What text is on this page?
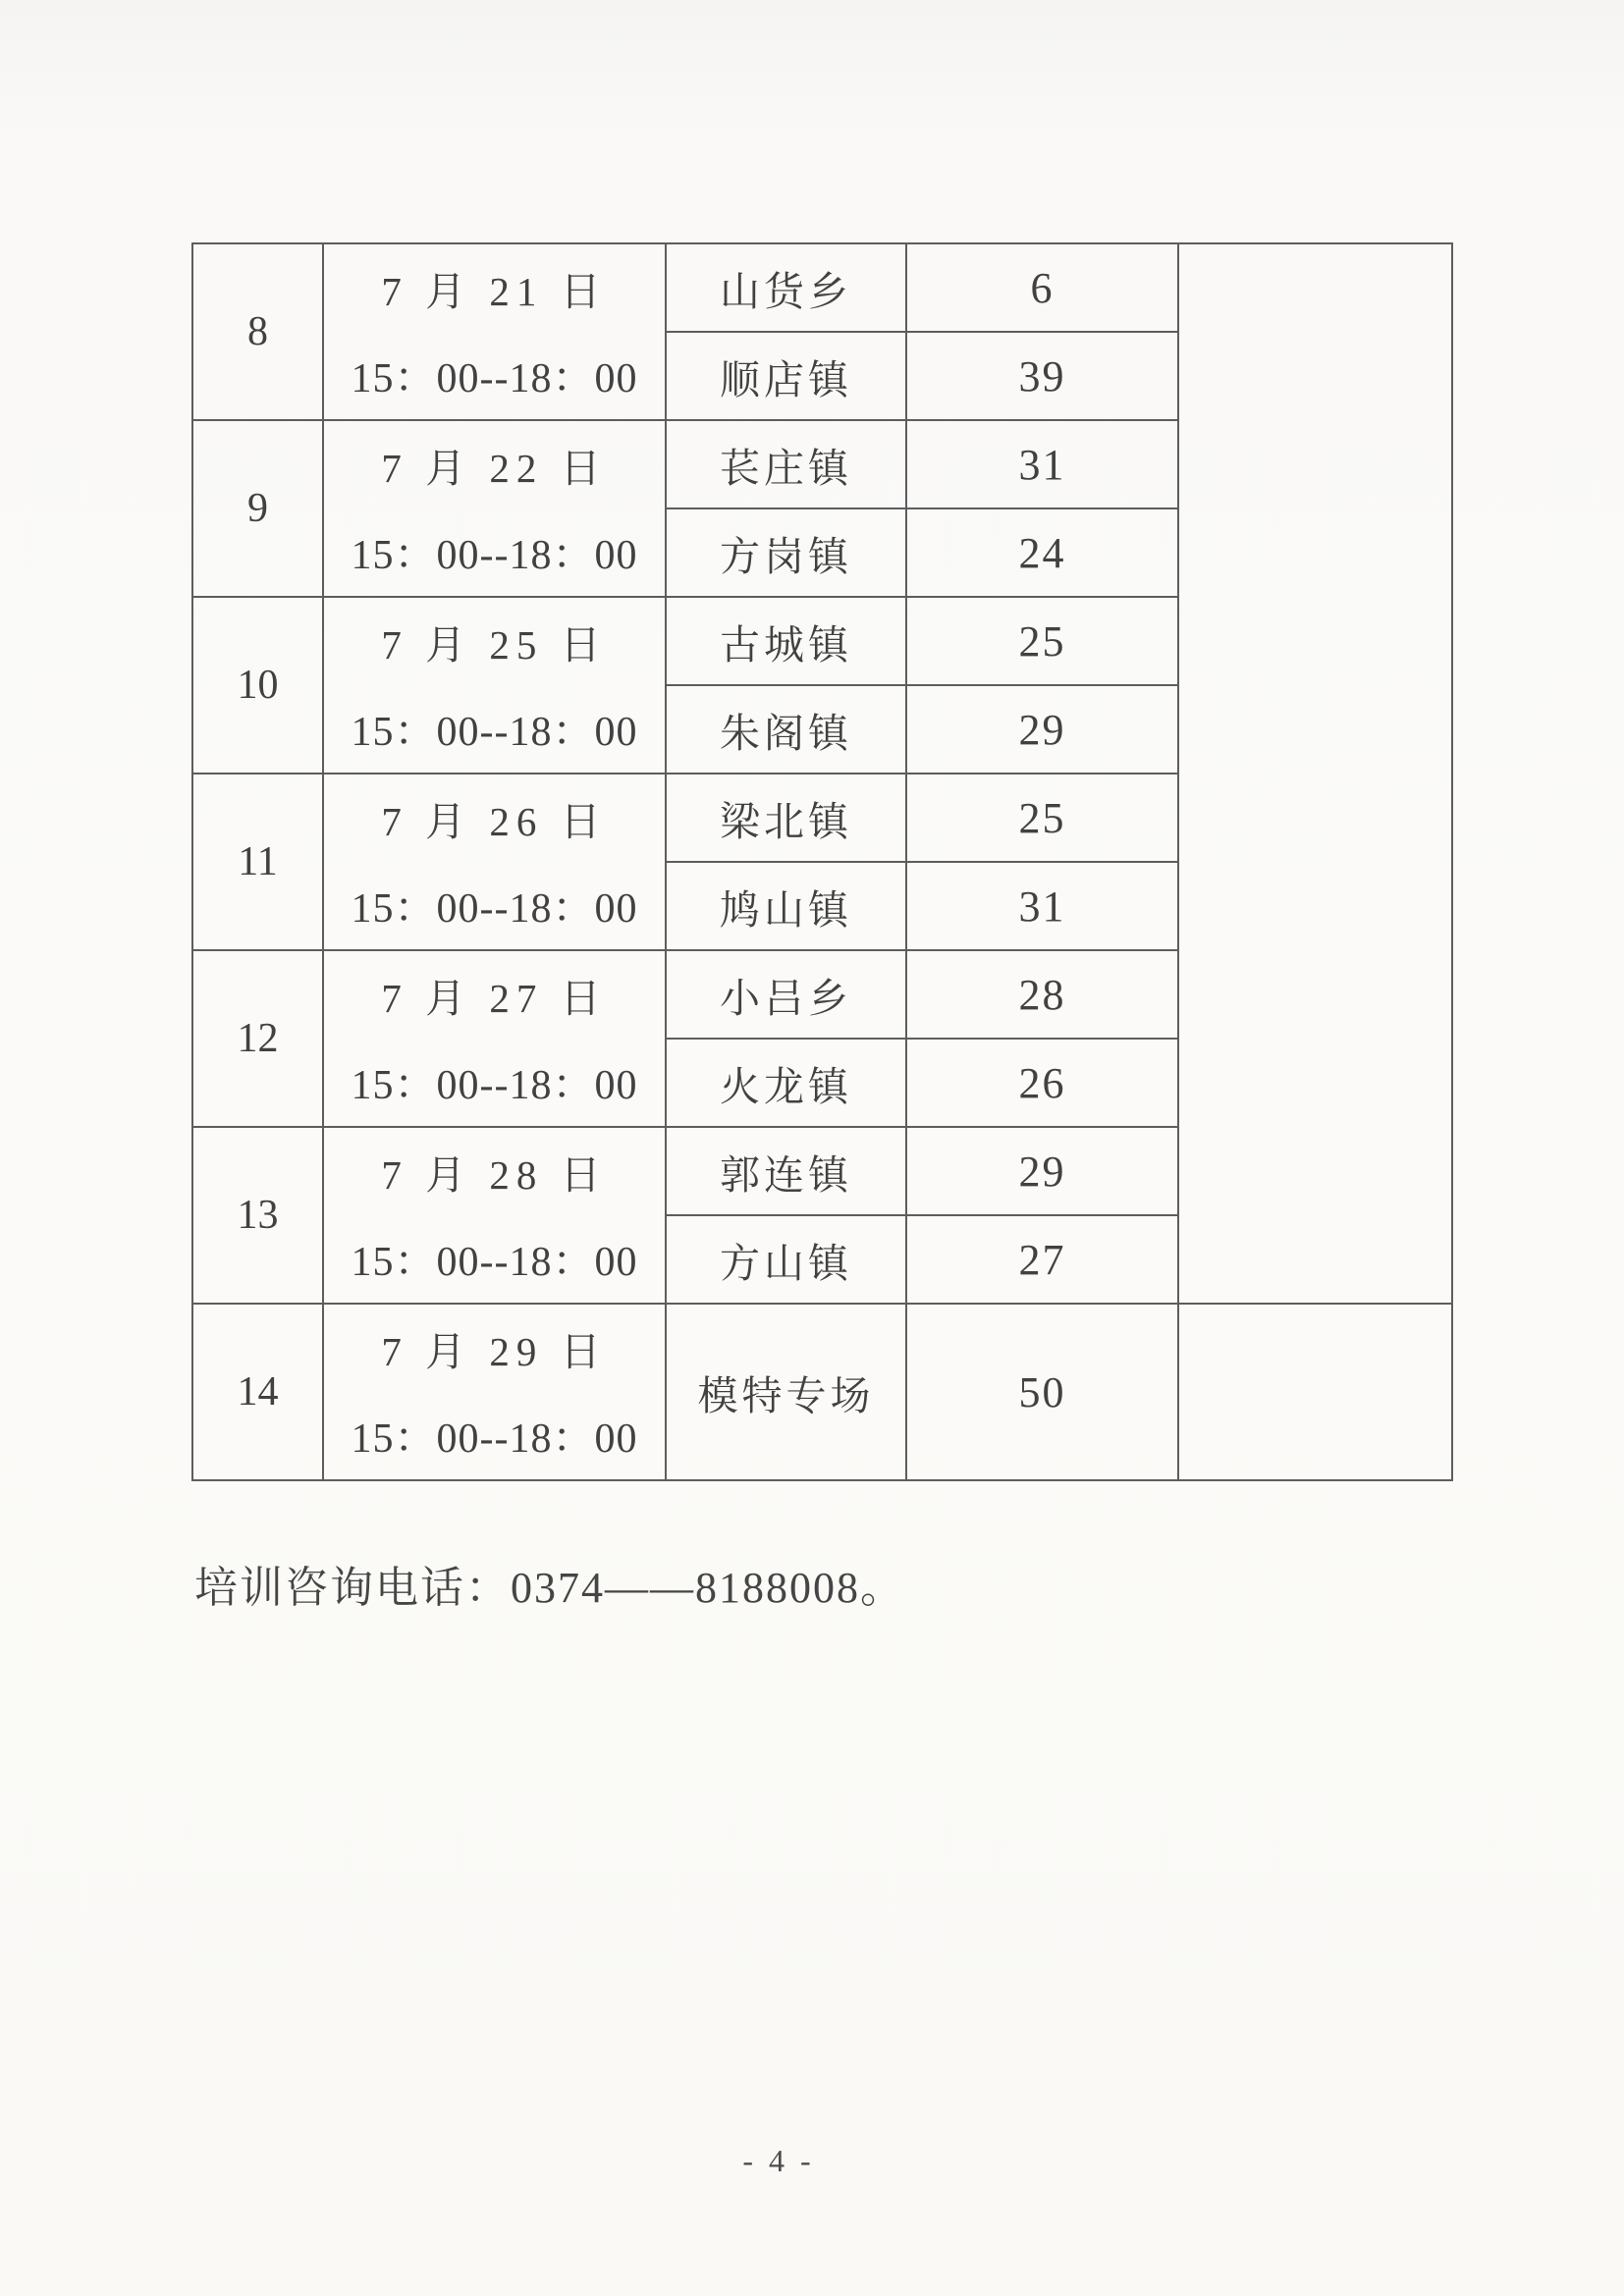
8	7 月 21 日
15：00--18：00	山货乡	6	
		顺店镇	39	
9	7 月 22 日
15：00--18：00	苌庄镇	31	
		方岗镇	24	
10	7 月 25 日
15：00--18：00	古城镇	25	
		朱阁镇	29	
11	7 月 26 日
15：00--18：00	梁北镇	25	
		鸠山镇	31	
12	7 月 27 日
15：00--18：00	小吕乡	28	
		火龙镇	26	
13	7 月 28 日
15：00--18：00	郭连镇	29	
		方山镇	27	
14	7 月 29 日
15：00--18：00	模特专场	50	
培训咨询电话：0374——8188008。
- 4 -
